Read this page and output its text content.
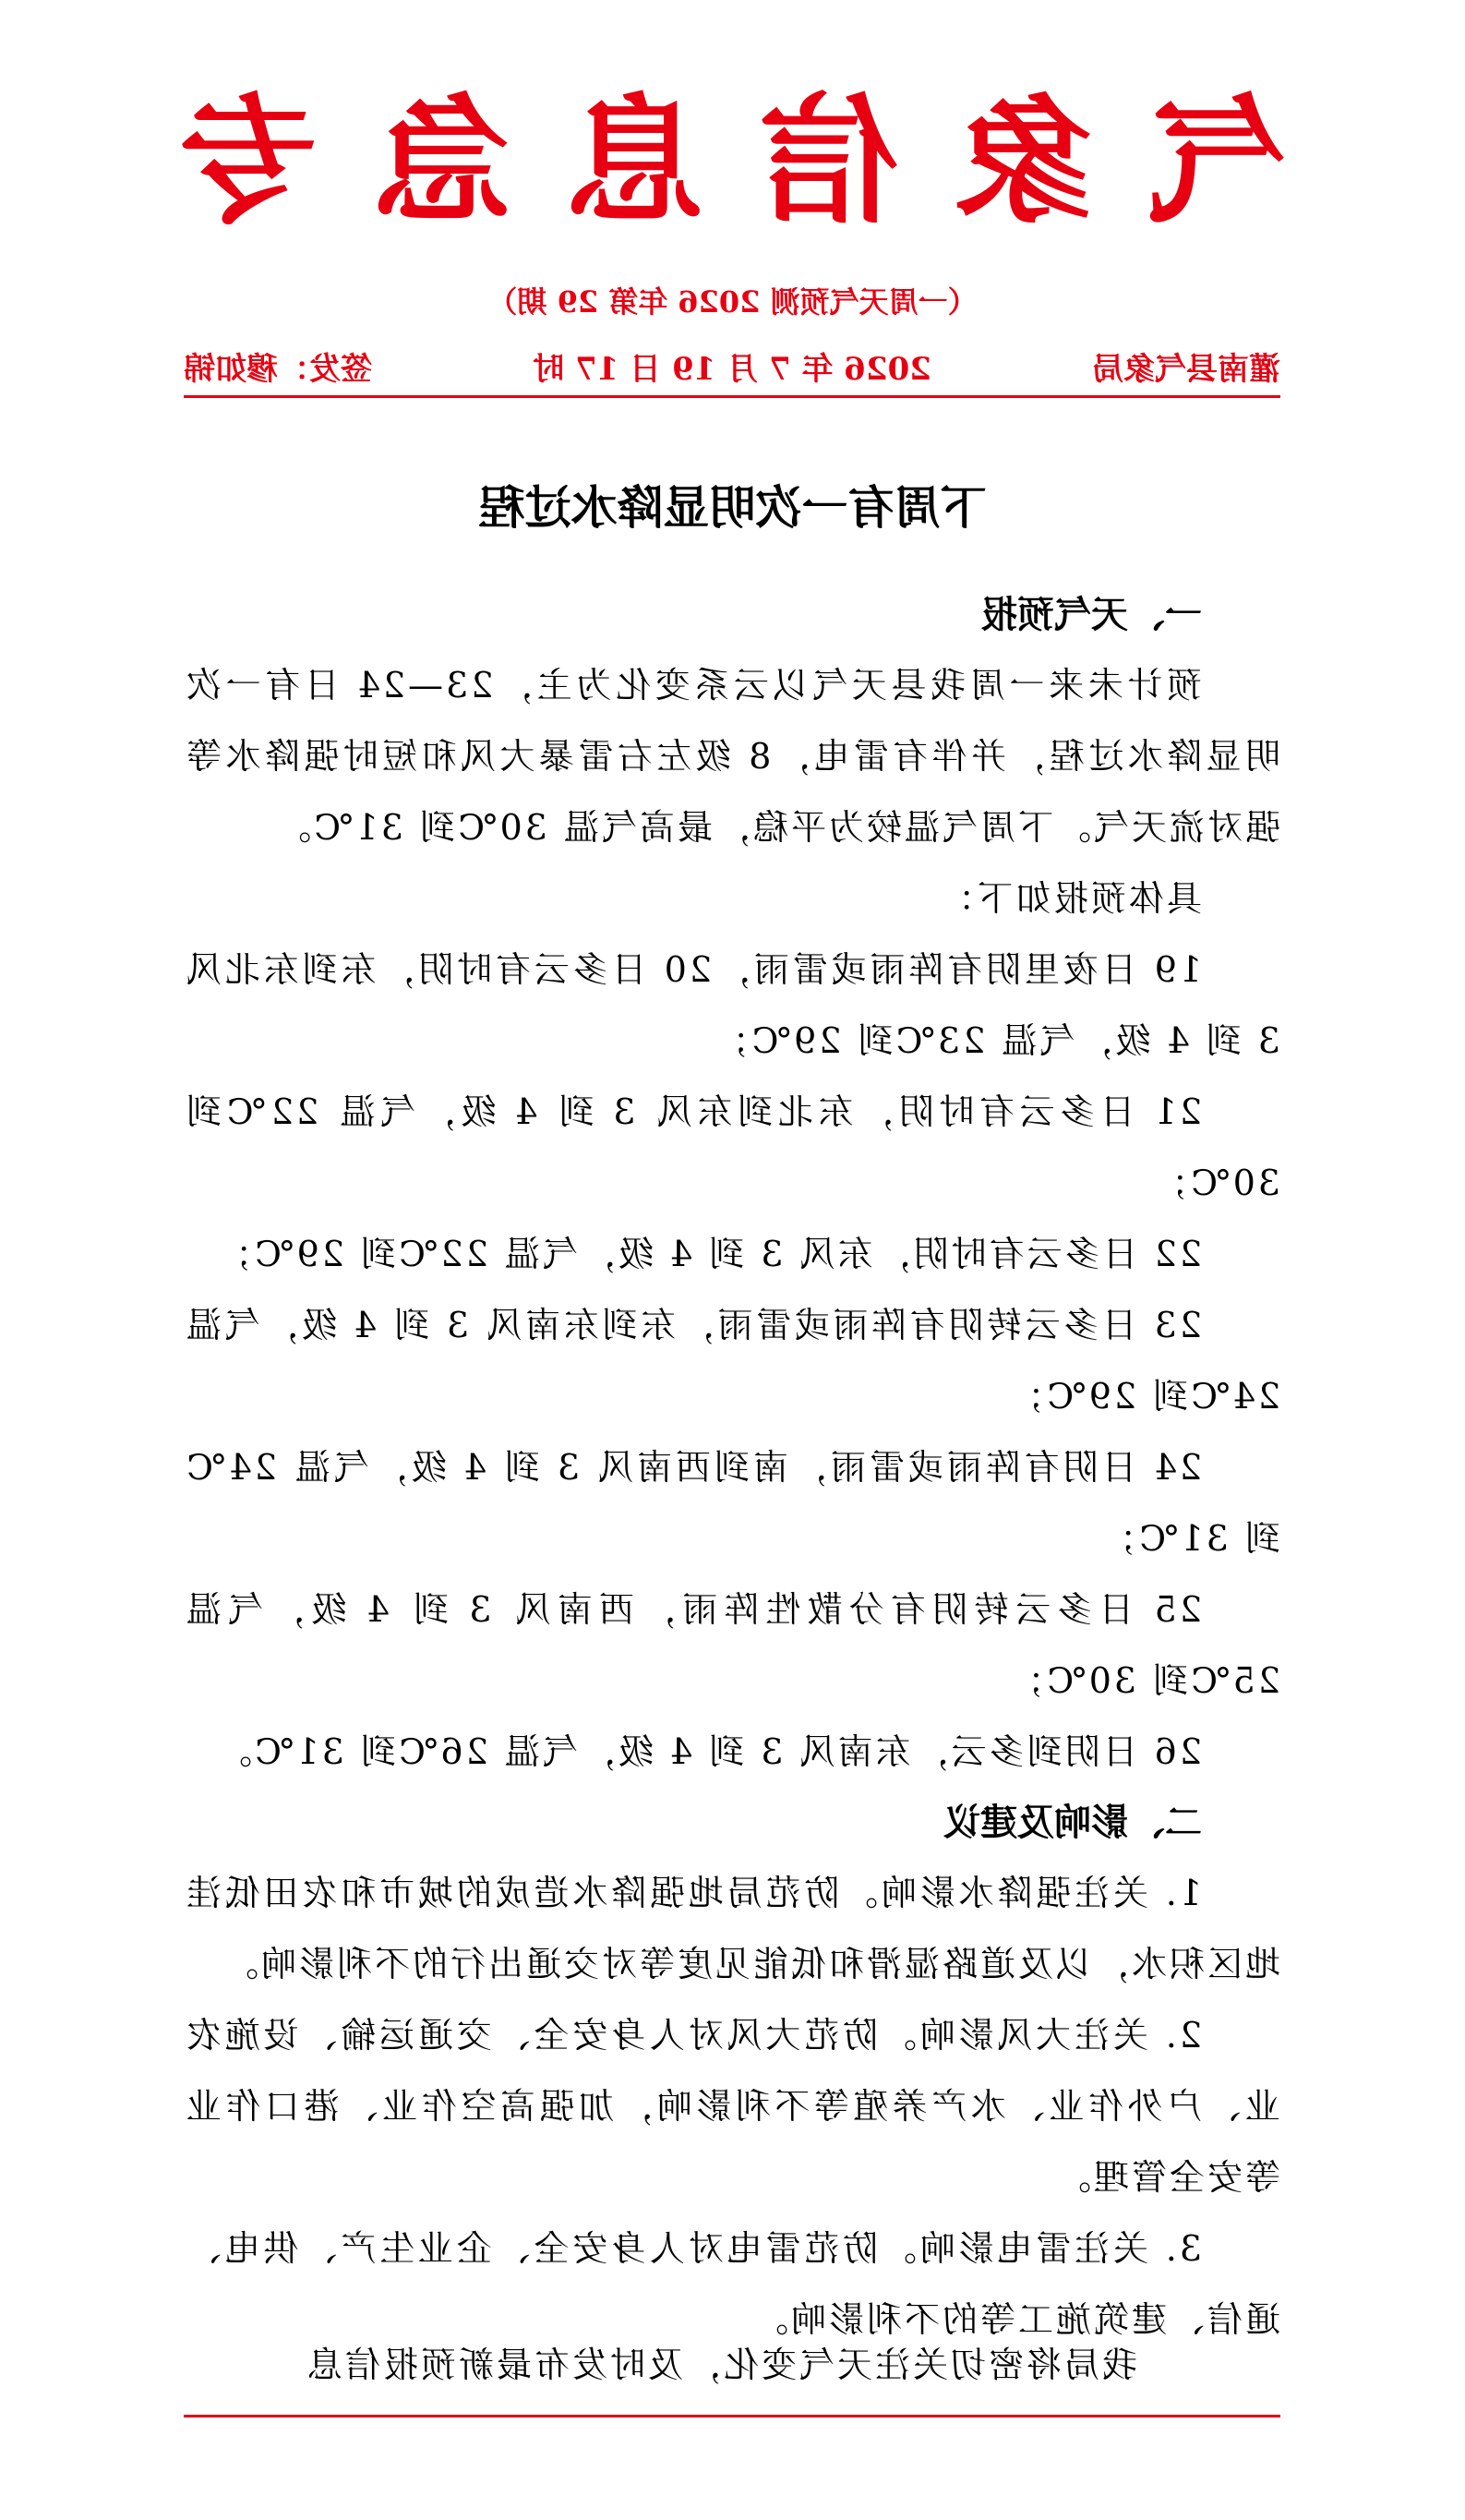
气象信息急专
（一周天气预测 2026 年第 29 期）
灌南县气象局
2026 年 7 月 19 日 17 时
签发：穆如锦
下周有一次明显降水过程
一、天气预报

预计未来一周我县天气以云系变化为主，23—24 日有一次明显降水过程，并伴有雷电，8 级左右雷暴大风和短时强降水等强对流天气。下周气温较为平稳，最高气温 30℃到 31℃。

具体预报如下：

19 日夜里阴有阵雨或雷雨，20 日多云有时阴，东到东北风 3 到 4 级，气温 23℃到 29℃；

21 日多云有时阴，东北到东风 3 到 4 级，气温 22℃到 30℃；

22 日多云有时阴，东风 3 到 4 级，气温 22℃到 29℃；

23 日多云转阴有阵雨或雷雨，东到东南风 3 到 4 级，气温 24℃到 29℃；

24 日阴有阵雨或雷雨，南到西南风 3 到 4 级，气温 24℃到 31℃；

25 日多云转阴有分散性阵雨，西南风 3 到 4 级，气温 25℃到 30℃；

26 日阴到多云，东南风 3 到 4 级，气温 26℃到 31℃。

二、影响及建议

1. 关注强降水影响。防范局地强降水造成的城市和农田低洼地区积水，以及道路湿滑和低能见度等对交通出行的不利影响。

2. 关注大风影响。防范大风对人身安全、交通运输、设施农业、户外作业、水产养殖等不利影响，加强高空作业、港口作业等安全管理。

3. 关注雷电影响。防范雷电对人身安全、企业生产、供电、通信、建筑施工等的不利影响。

我局将密切关注天气变化，及时发布最新预报信息
